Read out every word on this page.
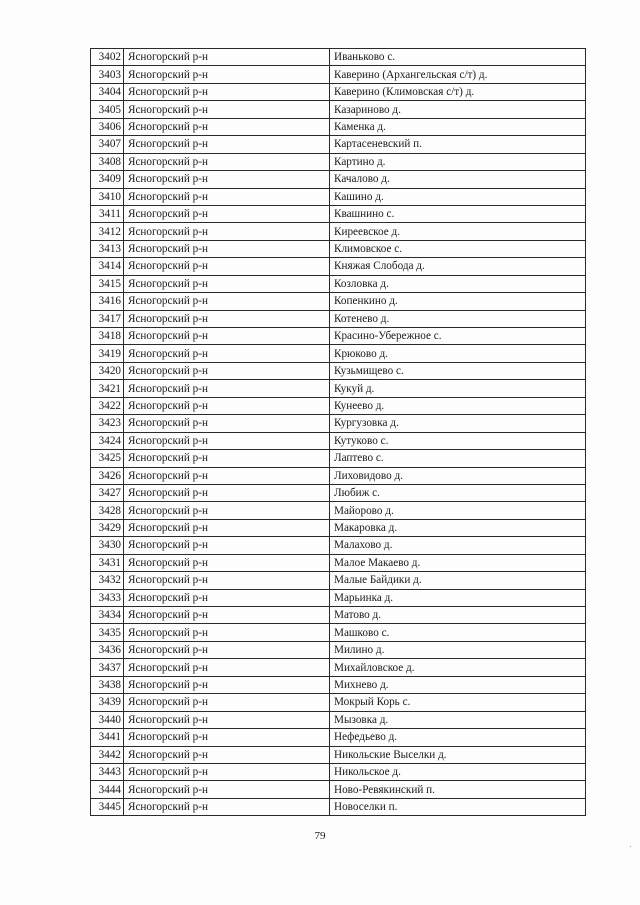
3402	Ясногорский р-н	Иваньково с.
3403	Ясногорский р-н	Каверино (Архангельская с/т) д.
3404	Ясногорский р-н	Каверино (Климовская с/т) д.
3405	Ясногорский р-н	Казариново д.
3406	Ясногорский р-н	Каменка д.
3407	Ясногорский р-н	Картасеневский п.
3408	Ясногорский р-н	Картино д.
3409	Ясногорский р-н	Качалово д.
3410	Ясногорский р-н	Кашино д.
3411	Ясногорский р-н	Квашнино с.
3412	Ясногорский р-н	Киреевское д.
3413	Ясногорский р-н	Климовское с.
3414	Ясногорский р-н	Княжая Слобода д.
3415	Ясногорский р-н	Козловка д.
3416	Ясногорский р-н	Копенкино д.
3417	Ясногорский р-н	Котенево д.
3418	Ясногорский р-н	Красино-Убережное с.
3419	Ясногорский р-н	Крюково д.
3420	Ясногорский р-н	Кузьмищево с.
3421	Ясногорский р-н	Кукуй д.
3422	Ясногорский р-н	Кунеево д.
3423	Ясногорский р-н	Кургузовка д.
3424	Ясногорский р-н	Кутуково с.
3425	Ясногорский р-н	Лаптево с.
3426	Ясногорский р-н	Лиховидово д.
3427	Ясногорский р-н	Любиж с.
3428	Ясногорский р-н	Майорово д.
3429	Ясногорский р-н	Макаровка д.
3430	Ясногорский р-н	Малахово д.
3431	Ясногорский р-н	Малое Макаево д.
3432	Ясногорский р-н	Малые Байдики д.
3433	Ясногорский р-н	Марьинка д.
3434	Ясногорский р-н	Матово д.
3435	Ясногорский р-н	Машково с.
3436	Ясногорский р-н	Милино д.
3437	Ясногорский р-н	Михайловское д.
3438	Ясногорский р-н	Михнево д.
3439	Ясногорский р-н	Мокрый Корь с.
3440	Ясногорский р-н	Мызовка д.
3441	Ясногорский р-н	Нефедьево д.
3442	Ясногорский р-н	Никольские Выселки д.
3443	Ясногорский р-н	Никольское д.
3444	Ясногорский р-н	Ново-Ревякинский п.
3445	Ясногорский р-н	Новоселки п.
79
